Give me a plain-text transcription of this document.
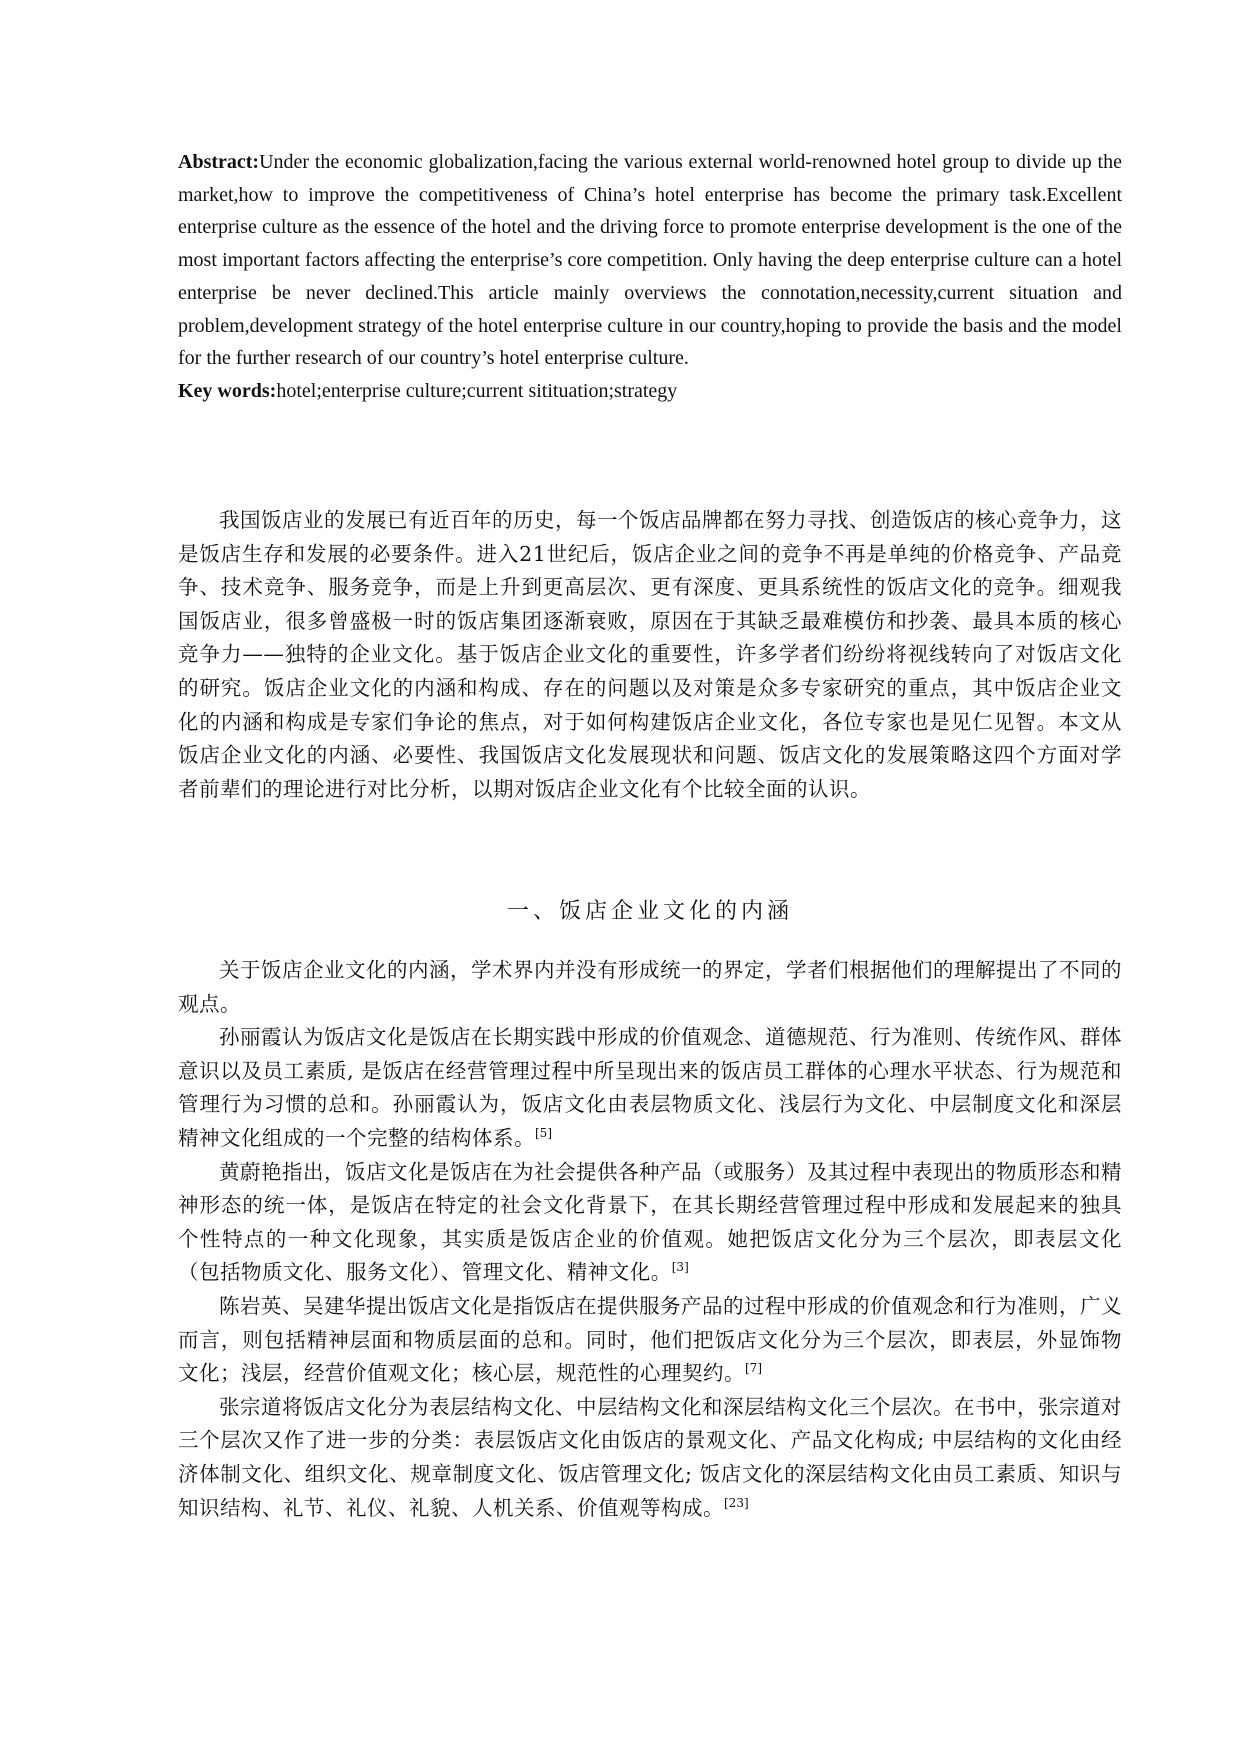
Abstract:Under the economic globalization,facing the various external world-renowned hotel group to divide up the market,how to improve the competitiveness of China’s hotel enterprise has become the primary task.Excellent enterprise culture as the essence of the hotel and the driving force to promote enterprise development is the one of the most important factors affecting the enterprise’s core competition. Only having the deep enterprise culture can a hotel enterprise be never declined.This article mainly overviews the connotation,necessity,current situation and problem,development strategy of the hotel enterprise culture in our country,hoping to provide the basis and the model for the further research of our country’s hotel enterprise culture.

Key words:hotel;enterprise culture;current sitituation;strategy

我国饭店业的发展已有近百年的历史，每一个饭店品牌都在努力寻找、创造饭店的核心竞争力，这是饭店生存和发展的必要条件。进入21世纪后，饭店企业之间的竞争不再是单纯的价格竞争、产品竞争、技术竞争、服务竞争，而是上升到更高层次、更有深度、更具系统性的饭店文化的竞争。细观我国饭店业，很多曾盛极一时的饭店集团逐渐衰败，原因在于其缺乏最难模仿和抄袭、最具本质的核心竞争力——独特的企业文化。基于饭店企业文化的重要性，许多学者们纷纷将视线转向了对饭店文化的研究。饭店企业文化的内涵和构成、存在的问题以及对策是众多专家研究的重点，其中饭店企业文化的内涵和构成是专家们争论的焦点，对于如何构建饭店企业文化，各位专家也是见仁见智。本文从饭店企业文化的内涵、必要性、我国饭店文化发展现状和问题、饭店文化的发展策略这四个方面对学者前辈们的理论进行对比分析，以期对饭店企业文化有个比较全面的认识。

一、饭店企业文化的内涵

关于饭店企业文化的内涵，学术界内并没有形成统一的界定，学者们根据他们的理解提出了不同的观点。

孙丽霞认为饭店文化是饭店在长期实践中形成的价值观念、道德规范、行为准则、传统作风、群体意识以及员工素质, 是饭店在经营管理过程中所呈现出来的饭店员工群体的心理水平状态、行为规范和管理行为习惯的总和。孙丽霞认为，饭店文化由表层物质文化、浅层行为文化、中层制度文化和深层精神文化组成的一个完整的结构体系。[5]

黄蔚艳指出，饭店文化是饭店在为社会提供各种产品（或服务）及其过程中表现出的物质形态和精神形态的统一体，是饭店在特定的社会文化背景下，在其长期经营管理过程中形成和发展起来的独具个性特点的一种文化现象，其实质是饭店企业的价值观。她把饭店文化分为三个层次，即表层文化（包括物质文化、服务文化）、管理文化、精神文化。[3]

陈岩英、吴建华提出饭店文化是指饭店在提供服务产品的过程中形成的价值观念和行为准则，广义而言，则包括精神层面和物质层面的总和。同时，他们把饭店文化分为三个层次，即表层，外显饰物文化；浅层，经营价值观文化；核心层，规范性的心理契约。[7]

张宗道将饭店文化分为表层结构文化、中层结构文化和深层结构文化三个层次。在书中，张宗道对三个层次又作了进一步的分类：表层饭店文化由饭店的景观文化、产品文化构成; 中层结构的文化由经济体制文化、组织文化、规章制度文化、饭店管理文化; 饭店文化的深层结构文化由员工素质、知识与知识结构、礼节、礼仪、礼貌、人机关系、价值观等构成。[23]
